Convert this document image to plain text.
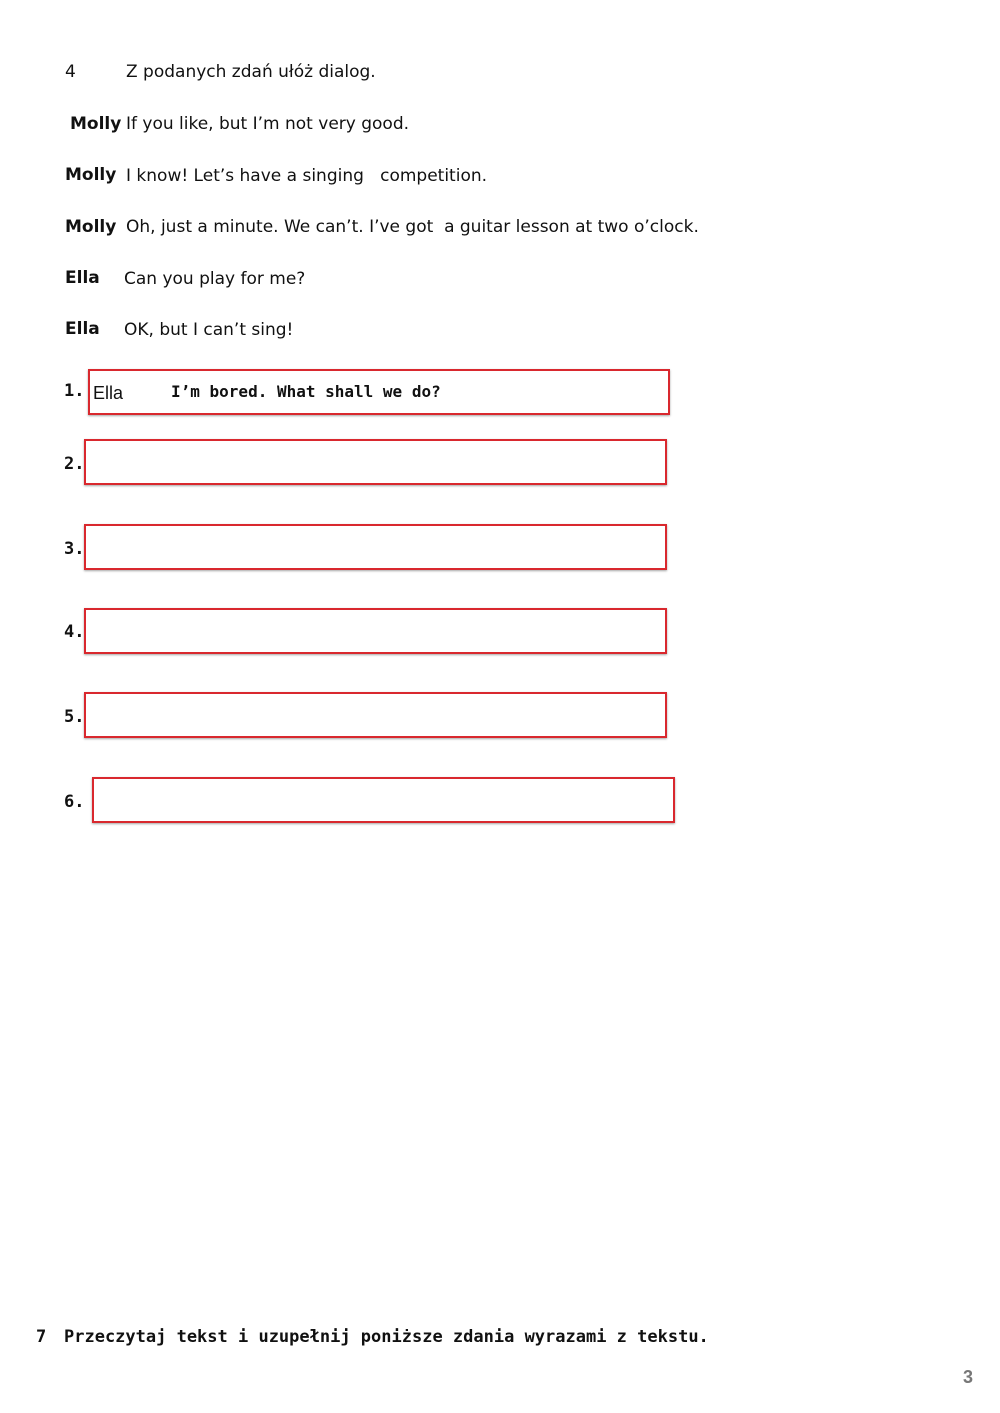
4	Z podanych zdań ułóż dialog.
Molly If you like, but I’m not very good.
Molly I know! Let’s have a singing   competition.
Molly Oh, just a minute. We can’t. I’ve got  a guitar lesson at two o’clock.
Ella Can you play for me?
Ella OK, but I can’t sing!
1. Ella	I’m bored. What shall we do?
2.
3.
4.
5.
6.
7 Przeczytaj tekst i uzupełnij poniższe zdania wyrazami z tekstu.
3
